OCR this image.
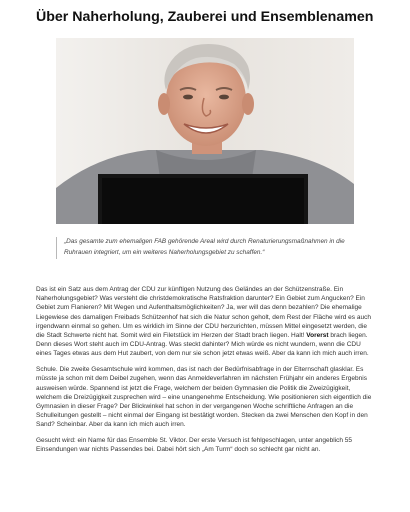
Über Naherholung, Zauberei und Ensemblenamen
„Das gesamte zum ehemaligen FAB gehörende Areal wird durch Renaturierungsmaßnahmen in die Ruhrauen integriert, um ein weiteres Naherholungsgebiet zu schaffen.“

Das ist ein Satz aus dem Antrag der CDU zur künftigen Nutzung des Geländes an der Schützenstraße. Ein Naherholungsgebiet? Was versteht die christdemokratische Ratsfraktion darunter? Ein Gebiet zum Angucken? Ein Gebiet zum Flanieren? Mit Wegen und Aufenthaltsmöglichkeiten? Ja, wer will das denn bezahlen? Die ehemalige Liegewiese des damaligen Freibads Schützenhof hat sich die Natur schon geholt, dem Rest der Fläche wird es auch irgendwann einmal so gehen. Um es wirklich im Sinne der CDU herzurichten, müssen Mittel eingesetzt werden, die die Stadt Schwerte nicht hat. Somit wird ein Filetstück im Herzen der Stadt brach liegen. Halt! Vorerst brach liegen. Denn dieses Wort steht auch im CDU-Antrag. Was steckt dahinter? Mich würde es nicht wundern, wenn die CDU eines Tages etwas aus dem Hut zaubert, von dem nur sie schon jetzt etwas weiß. Aber da kann ich mich auch irren.

Schule. Die zweite Gesamtschule wird kommen, das ist nach der Bedürfnisabfrage in der Elternschaft glasklar. Es müsste ja schon mit dem Deibel zugehen, wenn das Anmeldeverfahren im nächsten Frühjahr ein anderes Ergebnis ausweisen würde. Spannend ist jetzt die Frage, welchem der beiden Gymnasien die Politik die Zweizügigkeit, welchem die Dreizügigkeit zusprechen wird – eine unangenehme Entscheidung. Wie positionieren sich eigentlich die Gymnasien in dieser Frage? Der Blickwinkel hat schon in der vergangenen Woche schriftliche Anfragen an die Schulleitungen gestellt – nicht einmal der Eingang ist bestätigt worden. Stecken da zwei Menschen den Kopf in den Sand? Scheinbar. Aber da kann ich mich auch irren.

Gesucht wird: ein Name für das Ensemble St. Viktor. Der erste Versuch ist fehlgeschlagen, unter angeblich 55 Einsendungen war nichts Passendes bei. Dabei hört sich „Am Turm“ doch so schlecht gar nicht an.
